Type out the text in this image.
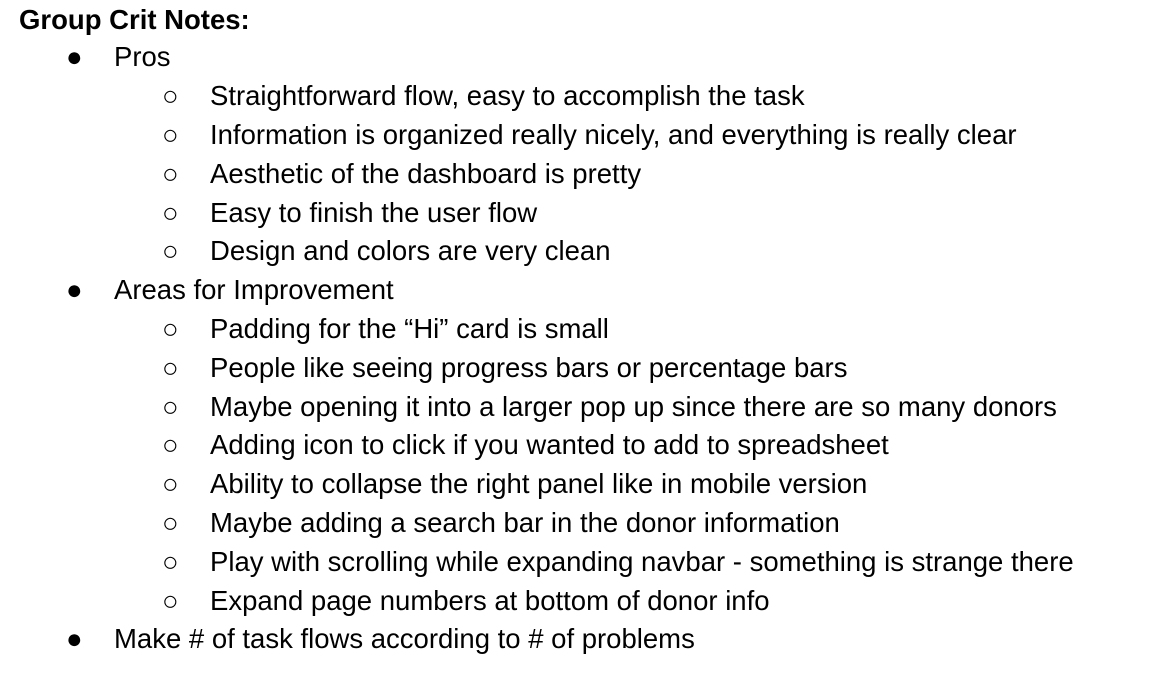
Group Crit Notes:
● Pros
○ Straightforward flow, easy to accomplish the task
○ Information is organized really nicely, and everything is really clear
○ Aesthetic of the dashboard is pretty
○ Easy to finish the user flow
○ Design and colors are very clean
● Areas for Improvement
○ Padding for the “Hi” card is small
○ People like seeing progress bars or percentage bars
○ Maybe opening it into a larger pop up since there are so many donors
○ Adding icon to click if you wanted to add to spreadsheet
○ Ability to collapse the right panel like in mobile version
○ Maybe adding a search bar in the donor information
○ Play with scrolling while expanding navbar - something is strange there
○ Expand page numbers at bottom of donor info
● Make # of task flows according to # of problems
